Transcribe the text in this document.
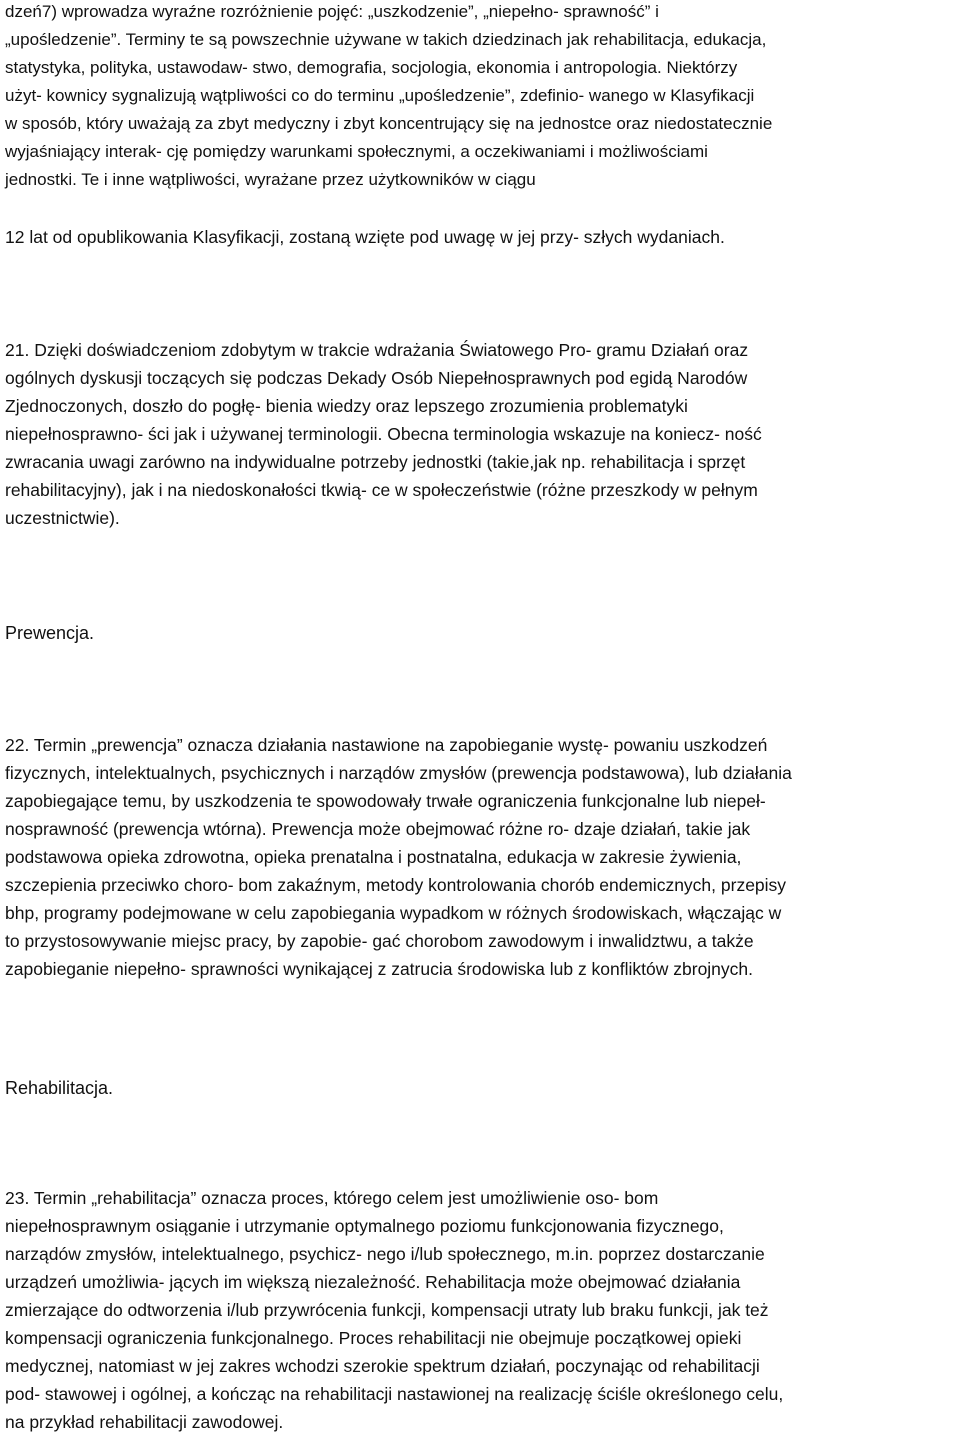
dzeń7) wprowadza wyraźne rozróżnienie pojęć: „uszkodzenie”, „niepełno- sprawność” i
„upośledzenie”. Terminy te są powszechnie używane w takich dziedzinach jak rehabilitacja, edukacja,
statystyka, polityka, ustawodaw- stwo, demografia, socjologia, ekonomia i antropologia. Niektórzy
użyt- kownicy sygnalizują wątpliwości co do terminu „upośledzenie”, zdefinio- wanego w Klasyfikacji
w sposób, który uważają za zbyt medyczny i zbyt koncentrujący się na jednostce oraz niedostatecznie
wyjaśniający interak- cję pomiędzy warunkami społecznymi, a oczekiwaniami i możliwościami
jednostki. Te i inne wątpliwości, wyrażane przez użytkowników w ciągu
12 lat od opublikowania Klasyfikacji, zostaną wzięte pod uwagę w jej przy- szłych wydaniach.
21. Dzięki doświadczeniom zdobytym w trakcie wdrażania Światowego Pro- gramu Działań oraz
ogólnych dyskusji toczących się podczas Dekady Osób Niepełnosprawnych pod egidą Narodów
Zjednoczonych, doszło do pogłę- bienia wiedzy oraz lepszego zrozumienia problematyki
niepełnosprawno- ści jak i używanej terminologii. Obecna terminologia wskazuje na koniecz- ność
zwracania uwagi zarówno na indywidualne potrzeby jednostki (takie,jak np. rehabilitacja i sprzęt
rehabilitacyjny), jak i na niedoskonałości tkwią- ce w społeczeństwie (różne przeszkody w pełnym
uczestnictwie).
Prewencja.
22. Termin „prewencja” oznacza działania nastawione na zapobieganie wystę- powaniu uszkodzeń
fizycznych, intelektualnych, psychicznych i narządów zmysłów (prewencja podstawowa), lub działania
zapobiegające temu, by uszkodzenia te spowodowały trwałe ograniczenia funkcjonalne lub niepeł-
nosprawność (prewencja wtórna). Prewencja może obejmować różne ro- dzaje działań, takie jak
podstawowa opieka zdrowotna, opieka prenatalna i postnatalna, edukacja w zakresie żywienia,
szczepienia przeciwko choro- bom zakaźnym, metody kontrolowania chorób endemicznych, przepisy
bhp, programy podejmowane w celu zapobiegania wypadkom w różnych środowiskach, włączając w
to przystosowywanie miejsc pracy, by zapobie- gać chorobom zawodowym i inwalidztwu, a także
zapobieganie niepełno- sprawności wynikającej z zatrucia środowiska lub z konfliktów zbrojnych.
Rehabilitacja.
23. Termin „rehabilitacja” oznacza proces, którego celem jest umożliwienie oso- bom
niepełnosprawnym osiąganie i utrzymanie optymalnego poziomu funkcjonowania fizycznego,
narządów zmysłów, intelektualnego, psychicz- nego i/lub społecznego, m.in. poprzez dostarczanie
urządzeń umożliwia- jących im większą niezależność. Rehabilitacja może obejmować działania
zmierzające do odtworzenia i/lub przywrócenia funkcji, kompensacji utraty lub braku funkcji, jak też
kompensacji ograniczenia funkcjonalnego. Proces rehabilitacji nie obejmuje początkowej opieki
medycznej, natomiast w jej zakres wchodzi szerokie spektrum działań, poczynając od rehabilitacji
pod- stawowej i ogólnej, a kończąc na rehabilitacji nastawionej na realizację ściśle określonego celu,
na przykład rehabilitacji zawodowej.
